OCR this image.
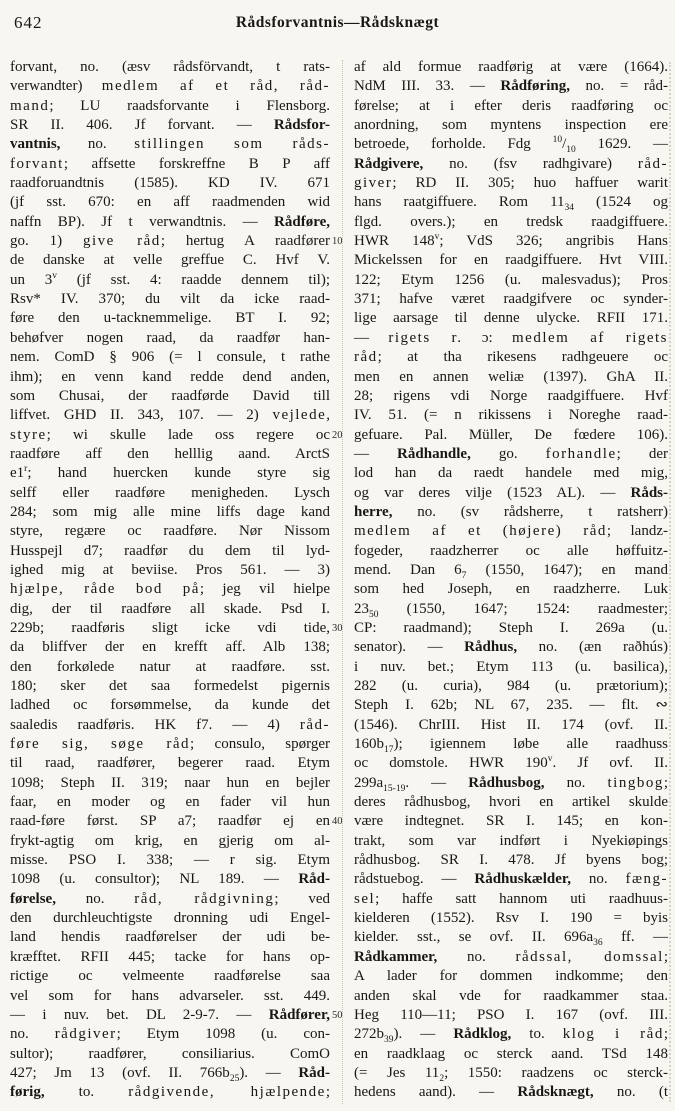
642	Rådsforvantnis—Rådsknægt
forvant, no. (æsv rådsförvandt, t rats-
verwandter) medlem af et råd, råd-
mand; LU raadsforvante i Flensborg.
SR II. 406. Jf forvant. — Rådsfor-
vantnis, no. stillingen som råds-
forvant; affsette forskreffne B P aff
raadforuandtnis (1585). KD IV. 671
(jf sst. 670: en aff raadmenden wid
naffn BP). Jf t verwandtnis. — Rådføre,
go. 1) give råd; hertug A raadfører
de danske at velle greffue C. Hvf V.
un 3$^v$ (jf sst. 4: raadde dennem til);
Rsv* IV. 370; du vilt da icke raad-
føre den u-tacknemmelige. BT I. 92;
behøfver nogen raad, da raadfør han-
nem. ComD § 906 (= l consule, t rathe
ihm); en venn kand redde dend anden,
som Chusai, der raadførde David till
liffvet. GHD II. 343, 107. — 2) vejlede,
styre; wi skulle lade oss regere oc
raadføre aff den helllig aand. ArctS
e1$^r$; hand huercken kunde styre sig
selff eller raadføre menigheden. Lysch
284; som mig alle mine liffs dage kand
styre, regære oc raadføre. Nør Nissom
Husspejl d7; raadfør du dem til lyd-
ighed mig at beviise. Pros 561. — 3)
hjælpe, råde bod på; jeg vil hielpe
dig, der til raadføre all skade. Psd I.
229b; raadføris sligt icke vdi tide,
da bliffver der en krefft aff. Alb 138;
den forkølede natur at raadføre. sst.
180; sker det saa formedelst pigernis
ladhed oc forsømmelse, da kunde det
saaledis raadføris. HK f7. — 4) råd-
føre sig, søge råd; consulo, spørger
til raad, raadfører, begerer raad. Etym
1098; Steph II. 319; naar hun en bejler
faar, en moder og en fader vil hun
raad-føre først. SP a7; raadfør ej en
frykt-agtig om krig, en gjerig om al-
misse. PSO I. 338; — r sig. Etym
1098 (u. consultor); NL 189. — Råd-
førelse, no. råd, rådgivning; ved
den durchleuchtigste dronning udi Engel-
land hendis raadførelser der udi be-
kræfftet. RFII 445; tacke for hans op-
rictige oc velmeente raadførelse saa
vel som for hans advarseler. sst. 449.
— i nuv. bet. DL 2-9-7. — Rådfører,
no. rådgiver; Etym 1098 (u. con-
sultor); raadfører, consiliarius. ComO
427; Jm 13 (ovf. II. $766b_{25}$). — Råd-
førig, to. rådgivende, hjælpende;
af ald formue raadførig at være (1664).
NdM III. 33. — Rådføring, no. = råd-
førelse; at i efter deris raadføring oc
anordning, som myntens inspection ere
betroede, forholde. Fdg $^{10}/_{10}$ 1629. —
Rådgivere, no. (fsv radhgivare) råd-
giver; RD II. 305; huo haffuer warit
hans raatgiffuere. Rom $11_{34}$ (1524 og
flgd. overs.); en tredsk raadgiffuere.
HWR 148$^v$; VdS 326; angribis Hans
10
Mickelssen for en raadgiffuere. Hvt VIII.
122; Etym 1256 (u. malesvadus); Pros
371; hafve været raadgifvere oc synder-
lige aarsage til denne ulycke. RFII 171.
— rigets r. ɔ: medlem af rigets
råd; at tha rikesens radhgeuere oc
men en annen weliæ (1397). GhA II.
28; rigens vdi Norge raadgiffuere. Hvf
IV. 51. (= n rikissens i Noreghe raad-
gefuare. Pal. Müller, De fœdere 106).
20
— Rådhandle, go. forhandle; der
lod han da raedt handele med mig,
og var deres vilje (1523 AL). — Råds-
herre, no. (sv rådsherre, t ratsherr)
medlem af et (højere) råd; landz-
fogeder, raadzherrer oc alle høffuitz-
mend. Dan $6_7$ (1550, 1647); en mand
som hed Joseph, en raadzherre. Luk
$23_{50}$ (1550, 1647; 1524: raadmester;
CP: raadmand); Steph I. 269a (u.
30
senator). — Rådhus, no. (æn raðhús)
i nuv. bet.; Etym 113 (u. basilica),
282 (u. curia), 984 (u. prætorium);
Steph I. 62b; NL 67, 235. — flt. ∾
(1546). ChrIII. Hist II. 174 (ovf. II.
$160b_{17}$); igiennem løbe alle raadhuss
oc domstole. HWR 190$^v$. Jf ovf. II.
$299a_{15-19}$. — Rådhusbog, no. tingbog;
deres rådhusbog, hvori en artikel skulde
være indtegnet. SR I. 145; en kon-
40
trakt, som var indført i Nyekiøpings
rådhusbog. SR I. 478. Jf byens bog;
rådstuebog. — Rådhuskælder, no. fæng-
sel; haffe satt hannom uti raadhuus-
kielderen (1552). Rsv I. 190 = byis
kielder. sst., se ovf. II. $696a_{36}$ ff. —
Rådkammer, no. rådssal, domssal;
A lader for dommen indkomme; den
anden skal vde for raadkammer staa.
Heg 110—11; PSO I. 167 (ovf. III.
50
$272b_{39}$). — Rådklog, to. klog i råd;
en raadklaag oc sterck aand. TSd 148
(= Jes $11_2$; 1550: raadzens oc sterck-
hedens aand). — Rådsknægt, no. (t
